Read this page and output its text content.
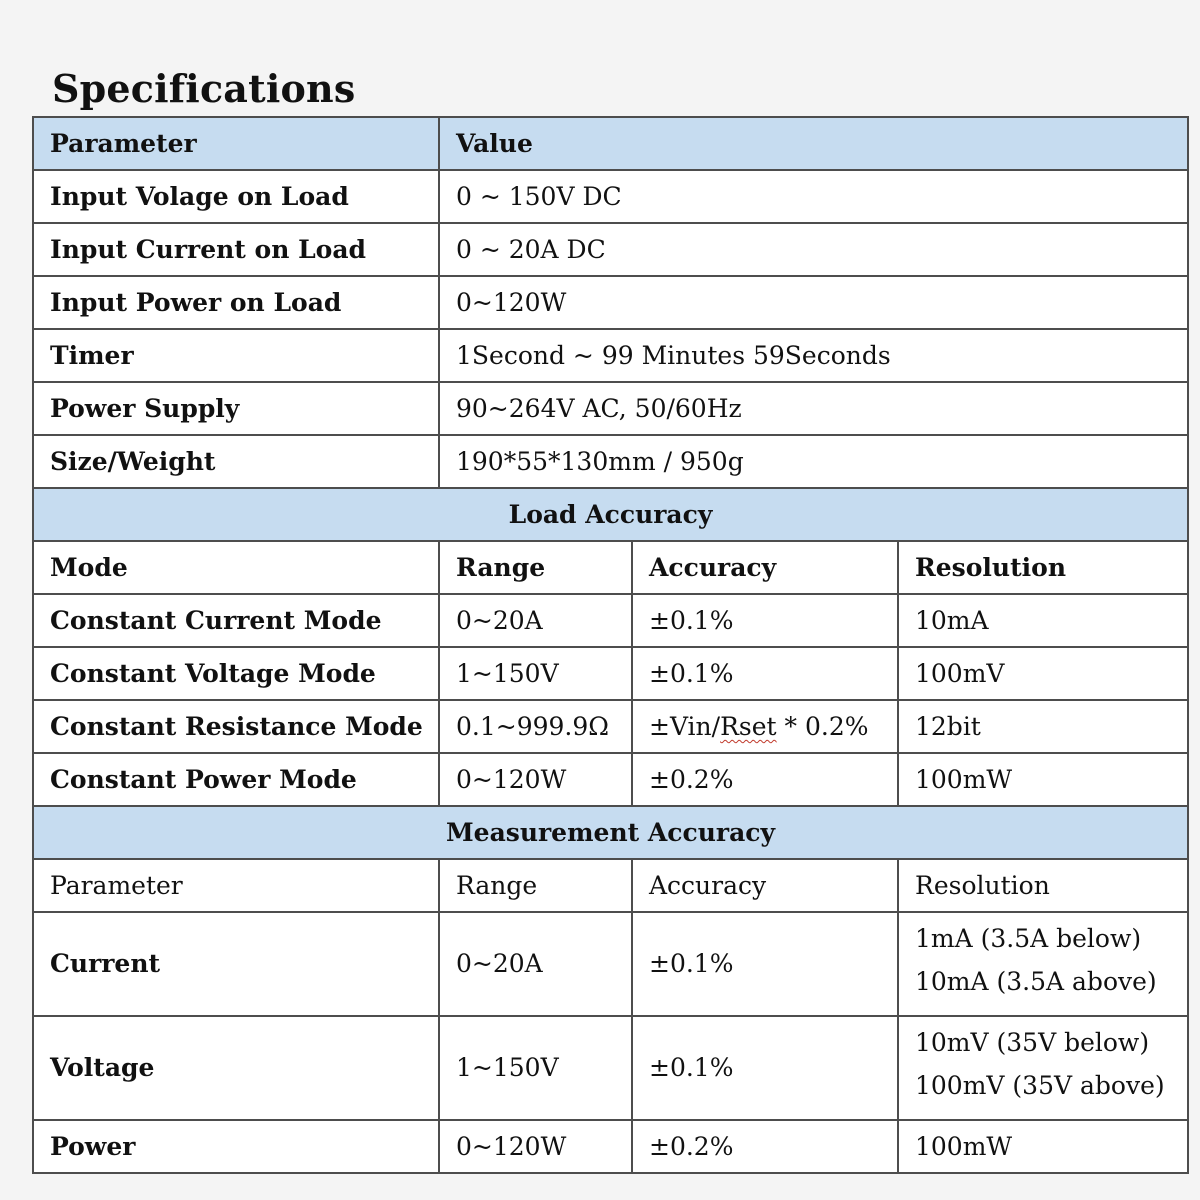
Specifications
Parameter	Value		
Input Volage on Load	0 ~ 150V DC		
Input Current on Load	0 ~ 20A DC		
Input Power on Load	0~120W		
Timer	1Second ~ 99 Minutes 59Seconds		
Power Supply	90~264V AC, 50/60Hz		
Size/Weight	190*55*130mm / 950g		
Load Accuracy			
Mode	Range	Accuracy	Resolution
Constant Current Mode	0~20A	±0.1%	10mA
Constant Voltage Mode	1~150V	±0.1%	100mV
Constant Resistance Mode	0.1~999.9Ω	±Vin/Rset * 0.2%	12bit
Constant Power Mode	0~120W	±0.2%	100mW
Measurement Accuracy			
Parameter	Range	Accuracy	Resolution

Current	0~20A	±0.1%	1mA (3.5A below)
10mA (3.5A above)

Voltage	1~150V	±0.1%	10mV (35V below)
100mV (35V above)

Power	0~120W	±0.2%	100mW
